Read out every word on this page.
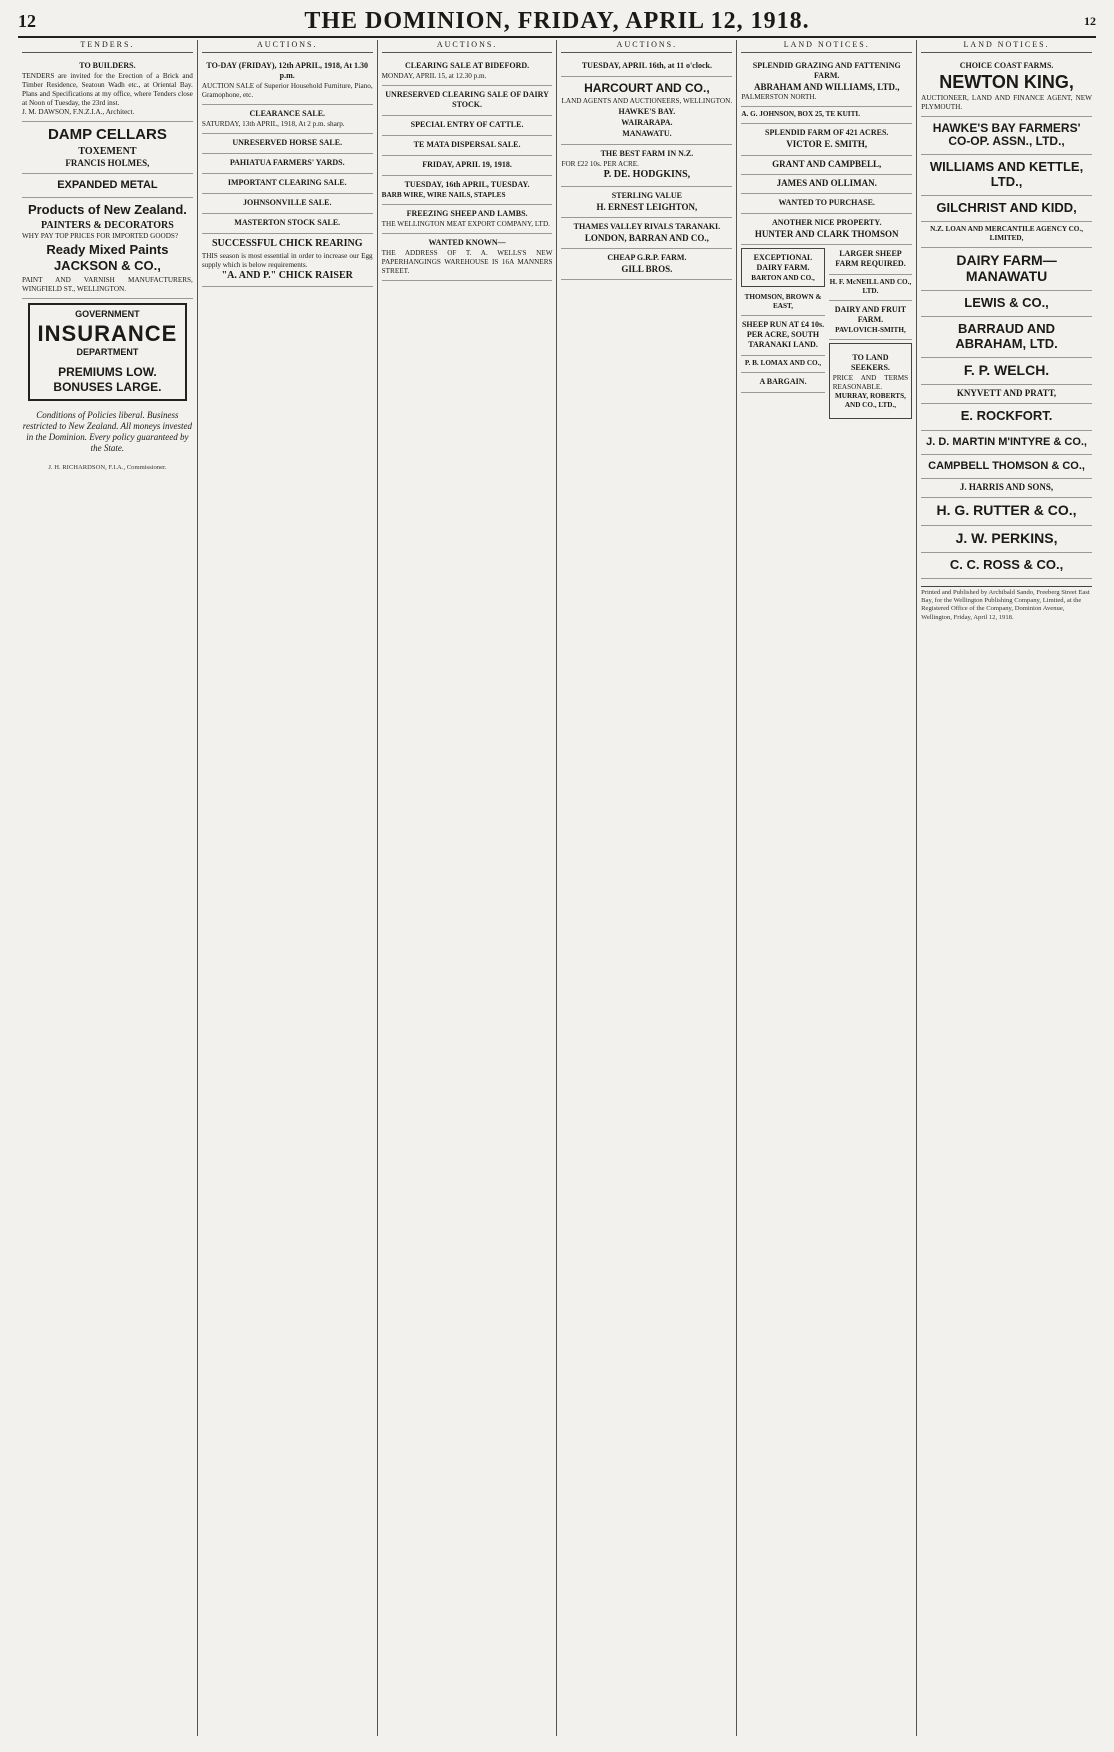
12	THE DOMINION, FRIDAY, APRIL 12, 1918.	12
TENDERS.
TO BUILDERS.

TENDERS are invited for the Erection of a Brick and Timber Residence, Seatoun Wadh etc., at Oriental Bay. Plans and Specifications at my office, where Tenders close at Noon of Tuesday, the 23rd inst.

J. M. DAWSON, F.N.Z.I.A., Architect.

DAMP CELLARS
TOXEMENT
FRANCIS HOLMES,
EXPANDED METAL
Products of New Zealand.
PAINTERS & DECORATORS

WHY PAY TOP PRICES FOR IMPORTED GOODS?

Ready Mixed Paints
JACKSON & CO.,

PAINT AND VARNISH MANUFACTURERS, WINGFIELD ST., WELLINGTON.

GOVERNMENT
INSURANCE
DEPARTMENT
PREMIUMS LOW. BONUSES LARGE.

Conditions of Policies liberal. Business restricted to New Zealand. All moneys invested in the Dominion. Every policy guaranteed by the State.

J. H. RICHARDSON, F.I.A., Commissioner.

AUCTIONS.
TO-DAY (FRIDAY), 12th APRIL, 1918, At 1.30 p.m.

AUCTION SALE of Superior Household Furniture, Piano, Gramophone, etc.

CLEARANCE SALE.

SATURDAY, 13th APRIL, 1918, At 2 p.m. sharp.

UNRESERVED HORSE SALE.
PAHIATUA FARMERS' YARDS.
IMPORTANT CLEARING SALE.
JOHNSONVILLE SALE.
MASTERTON STOCK SALE.
SUCCESSFUL CHICK REARING

THIS season is most essential in order to increase our Egg supply which is below requirements.

"A. AND P." CHICK RAISER
AUCTIONS.
CLEARING SALE AT BIDEFORD.

MONDAY, APRIL 15, at 12.30 p.m.

UNRESERVED CLEARING SALE OF DAIRY STOCK.
SPECIAL ENTRY OF CATTLE.
TE MATA DISPERSAL SALE.
FRIDAY, APRIL 19, 1918.
TUESDAY, 16th APRIL, TUESDAY.

BARB WIRE, WIRE NAILS, STAPLES

FREEZING SHEEP AND LAMBS.

THE WELLINGTON MEAT EXPORT COMPANY, LTD.

WANTED KNOWN—

THE ADDRESS OF T. A. WELLS'S NEW PAPERHANGINGS WAREHOUSE IS 16A MANNERS STREET.

AUCTIONS.
TUESDAY, APRIL 16th, at 11 o'clock.
HARCOURT AND CO.,

LAND AGENTS AND AUCTIONEERS, WELLINGTON.

HAWKE'S BAY.
WAIRARAPA.
MANAWATU.
THE BEST FARM IN N.Z.

FOR £22 10s. PER ACRE.

P. DE. HODGKINS,
STERLING VALUE
H. ERNEST LEIGHTON,
THAMES VALLEY RIVALS TARANAKI.
LONDON, BARRAN AND CO.,
CHEAP G.R.P. FARM.
GILL BROS.
LAND NOTICES.
SPLENDID GRAZING AND FATTENING FARM.
ABRAHAM AND WILLIAMS, LTD.,

PALMERSTON NORTH.

A. G. JOHNSON, BOX 25, TE KUITI.

SPLENDID FARM OF 421 ACRES.
VICTOR E. SMITH,
GRANT AND CAMPBELL,
JAMES AND OLLIMAN.
WANTED TO PURCHASE.
ANOTHER NICE PROPERTY.
HUNTER AND CLARK THOMSON
EXCEPTIONAL DAIRY FARM.
BARTON AND CO.,
THOMSON, BROWN & EAST,
SHEEP RUN AT £4 10s. PER ACRE, SOUTH TARANAKI LAND.
P. B. LOMAX AND CO.,
A BARGAIN.
LARGER SHEEP FARM REQUIRED.
H. F. McNEILL AND CO., LTD.
DAIRY AND FRUIT FARM.
PAVLOVICH-SMITH,
TO LAND SEEKERS.

PRICE AND TERMS REASONABLE.

MURRAY, ROBERTS, AND CO., LTD.,
LAND NOTICES.
CHOICE COAST FARMS.
NEWTON KING,

AUCTIONEER, LAND AND FINANCE AGENT, NEW PLYMOUTH.

HAWKE'S BAY FARMERS' CO-OP. ASSN., LTD.,
WILLIAMS AND KETTLE, LTD.,
GILCHRIST AND KIDD,
N.Z. LOAN AND MERCANTILE AGENCY CO., LIMITED,
DAIRY FARM—MANAWATU
LEWIS & CO.,
BARRAUD AND ABRAHAM, LTD.
F. P. WELCH.
KNYVETT AND PRATT,
E. ROCKFORT.
J. D. MARTIN M'INTYRE & CO.,
CAMPBELL THOMSON & CO.,
J. HARRIS AND SONS,
H. G. RUTTER & CO.,
J. W. PERKINS,
C. C. ROSS & CO.,

Printed and Published by Archibald Sando, Freeberg Street East Bay, for the Wellington Publishing Company, Limited, at the Registered Office of the Company, Dominion Avenue, Wellington, Friday, April 12, 1918.
